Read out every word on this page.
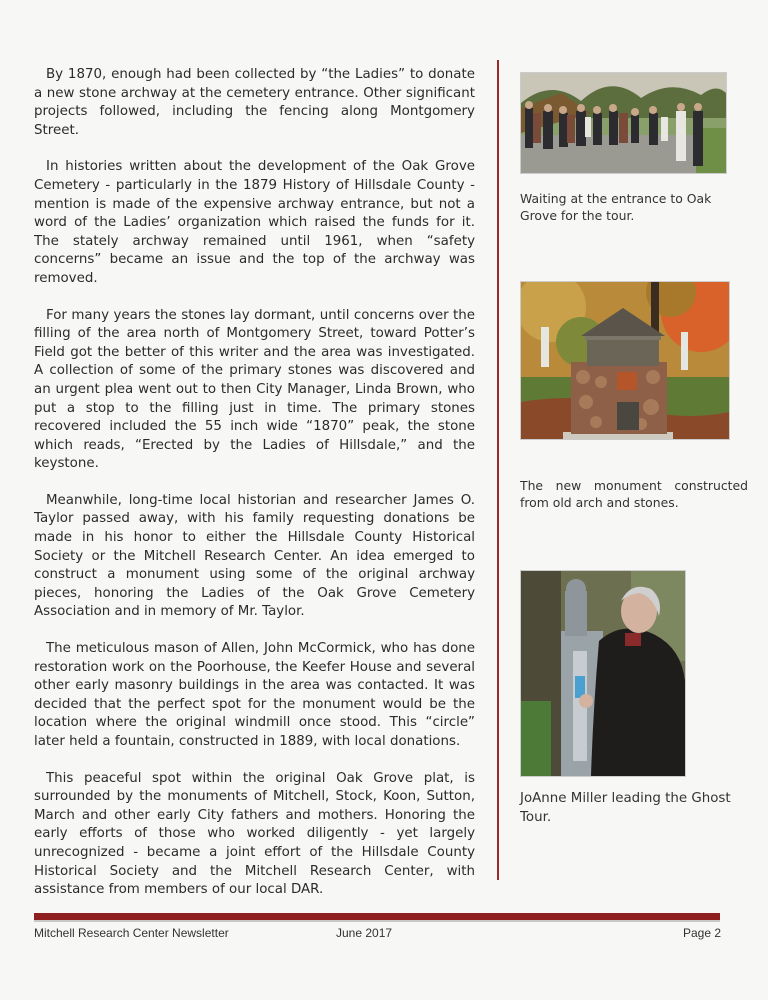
By 1870, enough had been collected by “the Ladies” to donate a new stone archway at the cemetery entrance. Other significant projects followed, including the fencing along Montgomery Street.

In histories written about the development of the Oak Grove Cemetery - particularly in the 1879 History of Hillsdale County - mention is made of the expensive archway entrance, but not a word of the Ladies’ organization which raised the funds for it. The stately archway remained until 1961, when “safety concerns” became an issue and the top of the archway was removed.

For many years the stones lay dormant, until concerns over the filling of the area north of Montgomery Street, toward Potter’s Field got the better of this writer and the area was investigated. A collection of some of the primary stones was discovered and an urgent plea went out to then City Manager, Linda Brown, who put a stop to the filling just in time. The primary stones recovered included the 55 inch wide “1870” peak, the stone which reads, “Erected by the Ladies of Hillsdale,” and the keystone.

Meanwhile, long-time local historian and researcher James O. Taylor passed away, with his family requesting donations be made in his honor to either the Hillsdale County Historical Society or the Mitchell Research Center. An idea emerged to construct a monument using some of the original archway pieces, honoring the Ladies of the Oak Grove Cemetery Association and in memory of Mr. Taylor.

The meticulous mason of Allen, John McCormick, who has done restoration work on the Poorhouse, the Keefer House and several other early masonry buildings in the area was contacted. It was decided that the perfect spot for the monument would be the location where the original windmill once stood. This “circle” later held a fountain, constructed in 1889, with local donations.

This peaceful spot within the original Oak Grove plat, is surrounded by the monuments of Mitchell, Stock, Koon, Sutton, March and other early City fathers and mothers. Honoring the early efforts of those who worked diligently - yet largely unrecognized - became a joint effort of the Hillsdale County Historical Society and the Mitchell Research Center, with assistance from members of our local DAR.

Waiting at the entrance to Oak Grove for the tour.

The new monument constructed from old arch and stones.

JoAnne Miller leading the Ghost Tour.

Mitchell Research Center Newsletter	June 2017	Page 2
